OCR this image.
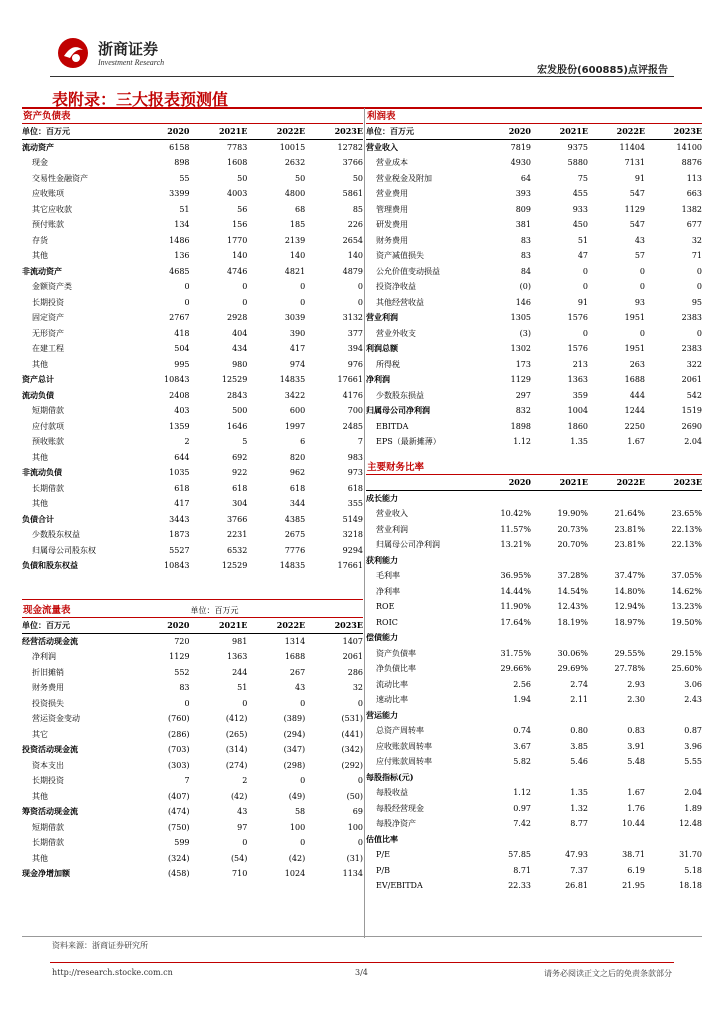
浙商证券
Investment Research
宏发股份(600885)点评报告
表附录：三大报表预测值
资产负债表
单位：百万元	2020	2021E	2022E	2023E
流动资产	6158	7783	10015	12782
现金	898	1608	2632	3766
交易性金融资产	55	50	50	50
应收账项	3399	4003	4800	5861
其它应收款	51	56	68	85
预付账款	134	156	185	226
存货	1486	1770	2139	2654
其他	136	140	140	140
非流动资产	4685	4746	4821	4879
金额资产类	0	0	0	0
长期投资	0	0	0	0
固定资产	2767	2928	3039	3132
无形资产	418	404	390	377
在建工程	504	434	417	394
其他	995	980	974	976
资产总计	10843	12529	14835	17661
流动负债	2408	2843	3422	4176
短期借款	403	500	600	700
应付款项	1359	1646	1997	2485
预收账款	2	5	6	7
其他	644	692	820	983
非流动负债	1035	922	962	973
长期借款	618	618	618	618
其他	417	304	344	355
负债合计	3443	3766	4385	5149
少数股东权益	1873	2231	2675	3218
归属母公司股东权	5527	6532	7776	9294
负债和股东权益	10843	12529	14835	17661
现金流量表	单位：百万元
单位：百万元	2020	2021E	2022E	2023E
经营活动现金流	720	981	1314	1407
净利润	1129	1363	1688	2061
折旧摊销	552	244	267	286
财务费用	83	51	43	32
投资损失	0	0	0	0
营运资金变动	(760)	(412)	(389)	(531)
其它	(286)	(265)	(294)	(441)
投资活动现金流	(703)	(314)	(347)	(342)
资本支出	(303)	(274)	(298)	(292)
长期投资	7	2	0	0
其他	(407)	(42)	(49)	(50)
筹资活动现金流	(474)	43	58	69
短期借款	(750)	97	100	100
长期借款	599	0	0	0
其他	(324)	(54)	(42)	(31)
现金净增加额	(458)	710	1024	1134
利润表
单位：百万元	2020	2021E	2022E	2023E
营业收入	7819	9375	11404	14100
营业成本	4930	5880	7131	8876
营业税金及附加	64	75	91	113
营业费用	393	455	547	663
管理费用	809	933	1129	1382
研发费用	381	450	547	677
财务费用	83	51	43	32
资产减值损失	83	47	57	71
公允价值变动损益	84	0	0	0
投资净收益	(0)	0	0	0
其他经营收益	146	91	93	95
营业利润	1305	1576	1951	2383
营业外收支	(3)	0	0	0
利润总额	1302	1576	1951	2383
所得税	173	213	263	322
净利润	1129	1363	1688	2061
少数股东损益	297	359	444	542
归属母公司净利润	832	1004	1244	1519
EBITDA	1898	1860	2250	2690
EPS（最新摊薄）	1.12	1.35	1.67	2.04
主要财务比率
2020	2021E	2022E	2023E
成长能力
营业收入	10.42%	19.90%	21.64%	23.65%
营业利润	11.57%	20.73%	23.81%	22.13%
归属母公司净利润	13.21%	20.70%	23.81%	22.13%
获利能力
毛利率	36.95%	37.28%	37.47%	37.05%
净利率	14.44%	14.54%	14.80%	14.62%
ROE	11.90%	12.43%	12.94%	13.23%
ROIC	17.64%	18.19%	18.97%	19.50%
偿债能力
资产负债率	31.75%	30.06%	29.55%	29.15%
净负债比率	29.66%	29.69%	27.78%	25.60%
流动比率	2.56	2.74	2.93	3.06
速动比率	1.94	2.11	2.30	2.43
营运能力
总资产周转率	0.74	0.80	0.83	0.87
应收账款周转率	3.67	3.85	3.91	3.96
应付账款周转率	5.82	5.46	5.48	5.55
每股指标(元)
每股收益	1.12	1.35	1.67	2.04
每股经营现金	0.97	1.32	1.76	1.89
每股净资产	7.42	8.77	10.44	12.48
估值比率
P/E	57.85	47.93	38.71	31.70
P/B	8.71	7.37	6.19	5.18
EV/EBITDA	22.33	26.81	21.95	18.18
资料来源：浙商证券研究所
http://research.stocke.com.cn	3/4	请务必阅读正文之后的免责条款部分
